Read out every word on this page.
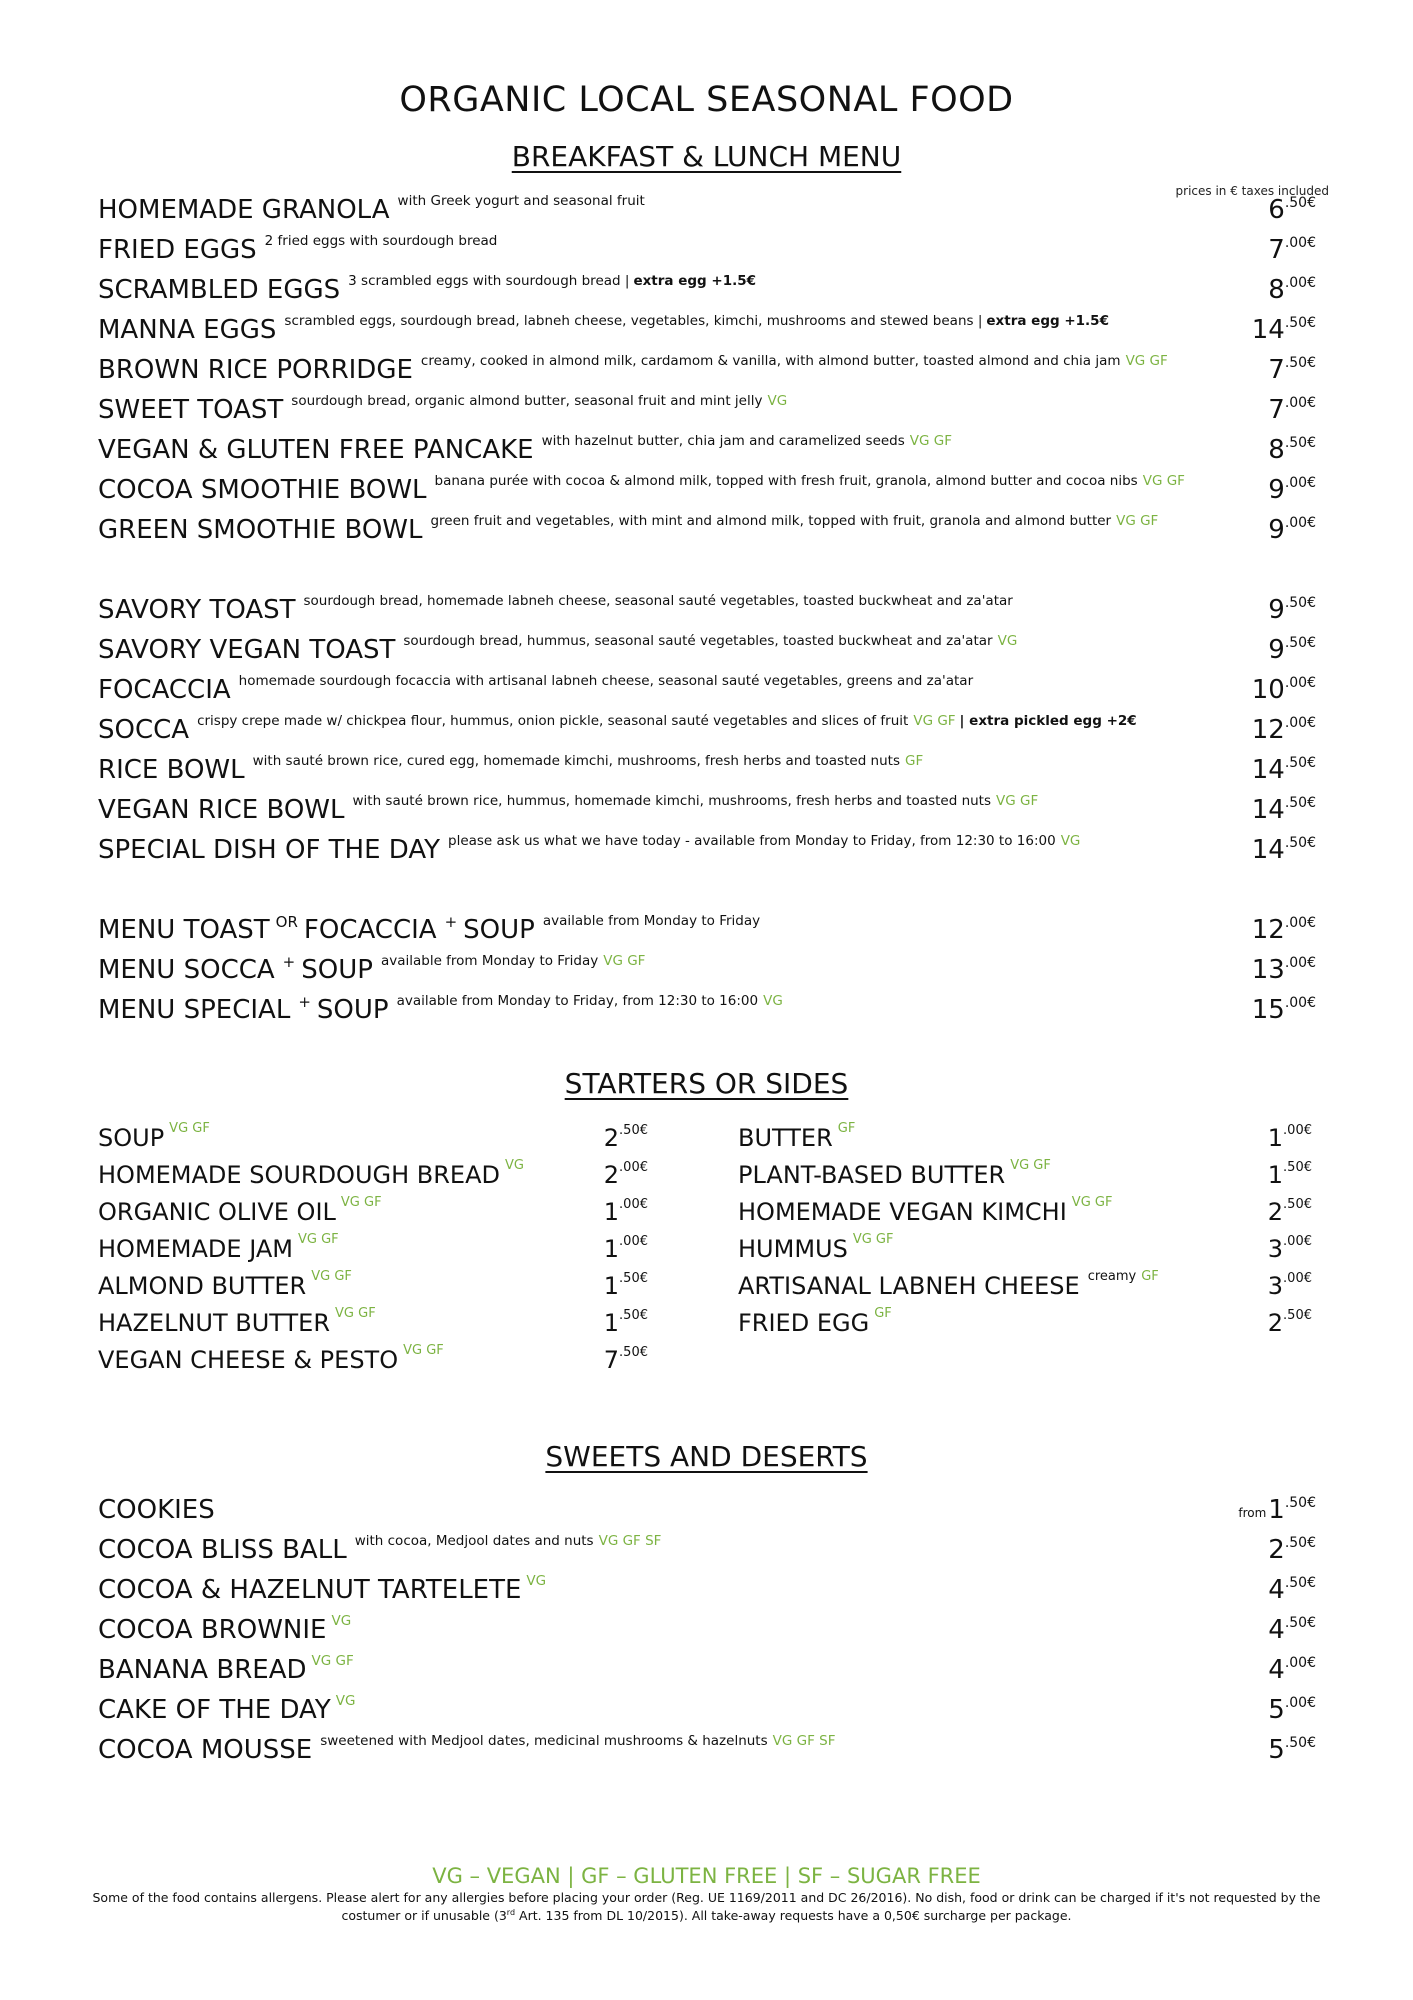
ORGANIC LOCAL SEASONAL FOOD
BREAKFAST & LUNCH MENU
prices in € taxes included
HOMEMADE GRANOLA with Greek yogurt and seasonal fruit	6.50€
FRIED EGGS 2 fried eggs with sourdough bread	7.00€
SCRAMBLED EGGS 3 scrambled eggs with sourdough bread | extra egg +1.5€	8.00€
MANNA EGGS scrambled eggs, sourdough bread, labneh cheese, vegetables, kimchi, mushrooms and stewed beans | extra egg +1.5€	14.50€
BROWN RICE PORRIDGE creamy, cooked in almond milk, cardamom & vanilla, with almond butter, toasted almond and chia jam VG GF	7.50€
SWEET TOAST sourdough bread, organic almond butter, seasonal fruit and mint jelly VG	7.00€
VEGAN & GLUTEN FREE PANCAKE with hazelnut butter, chia jam and caramelized seeds VG GF	8.50€
COCOA SMOOTHIE BOWL banana purée with cocoa & almond milk, topped with fresh fruit, granola, almond butter and cocoa nibs VG GF	9.00€
GREEN SMOOTHIE BOWL green fruit and vegetables, with mint and almond milk, topped with fruit, granola and almond butter VG GF	9.00€
SAVORY TOAST sourdough bread, homemade labneh cheese, seasonal sauté vegetables, toasted buckwheat and za'atar	9.50€
SAVORY VEGAN TOAST sourdough bread, hummus, seasonal sauté vegetables, toasted buckwheat and za'atar VG	9.50€
FOCACCIA homemade sourdough focaccia with artisanal labneh cheese, seasonal sauté vegetables, greens and za'atar	10.00€
SOCCA crispy crepe made w/ chickpea flour, hummus, onion pickle, seasonal sauté vegetables and slices of fruit VG GF | extra pickled egg +2€	12.00€
RICE BOWL with sauté brown rice, cured egg, homemade kimchi, mushrooms, fresh herbs and toasted nuts GF	14.50€
VEGAN RICE BOWL with sauté brown rice, hummus, homemade kimchi, mushrooms, fresh herbs and toasted nuts VG GF	14.50€
SPECIAL DISH OF THE DAY please ask us what we have today - available from Monday to Friday, from 12:30 to 16:00 VG	14.50€
MENU TOAST OR FOCACCIA + SOUP available from Monday to Friday	12.00€
MENU SOCCA + SOUP available from Monday to Friday VG GF	13.00€
MENU SPECIAL + SOUP available from Monday to Friday, from 12:30 to 16:00 VG	15.00€
STARTERS OR SIDES
SOUP VG GF	2.50€
HOMEMADE SOURDOUGH BREAD VG	2.00€
ORGANIC OLIVE OIL VG GF	1.00€
HOMEMADE JAM VG GF	1.00€
ALMOND BUTTER VG GF	1.50€
HAZELNUT BUTTER VG GF	1.50€
VEGAN CHEESE & PESTO VG GF	7.50€
BUTTER GF	1.00€
PLANT-BASED BUTTER VG GF	1.50€
HOMEMADE VEGAN KIMCHI VG GF	2.50€
HUMMUS VG GF	3.00€
ARTISANAL LABNEH CHEESE creamy GF	3.00€
FRIED EGG GF	2.50€
SWEETS AND DESERTS
COOKIES	from1.50€
COCOA BLISS BALL with cocoa, Medjool dates and nuts VG GF SF	2.50€
COCOA & HAZELNUT TARTELETE VG	4.50€
COCOA BROWNIE VG	4.50€
BANANA BREAD VG GF	4.00€
CAKE OF THE DAY VG	5.00€
COCOA MOUSSE sweetened with Medjool dates, medicinal mushrooms & hazelnuts VG GF SF	5.50€
VG – VEGAN | GF – GLUTEN FREE | SF – SUGAR FREE
Some of the food contains allergens. Please alert for any allergies before placing your order (Reg. UE 1169/2011 and DC 26/2016). No dish, food or drink can be charged if it's not requested by the
costumer or if unusable (3rd Art. 135 from DL 10/2015). All take-away requests have a 0,50€ surcharge per package.
